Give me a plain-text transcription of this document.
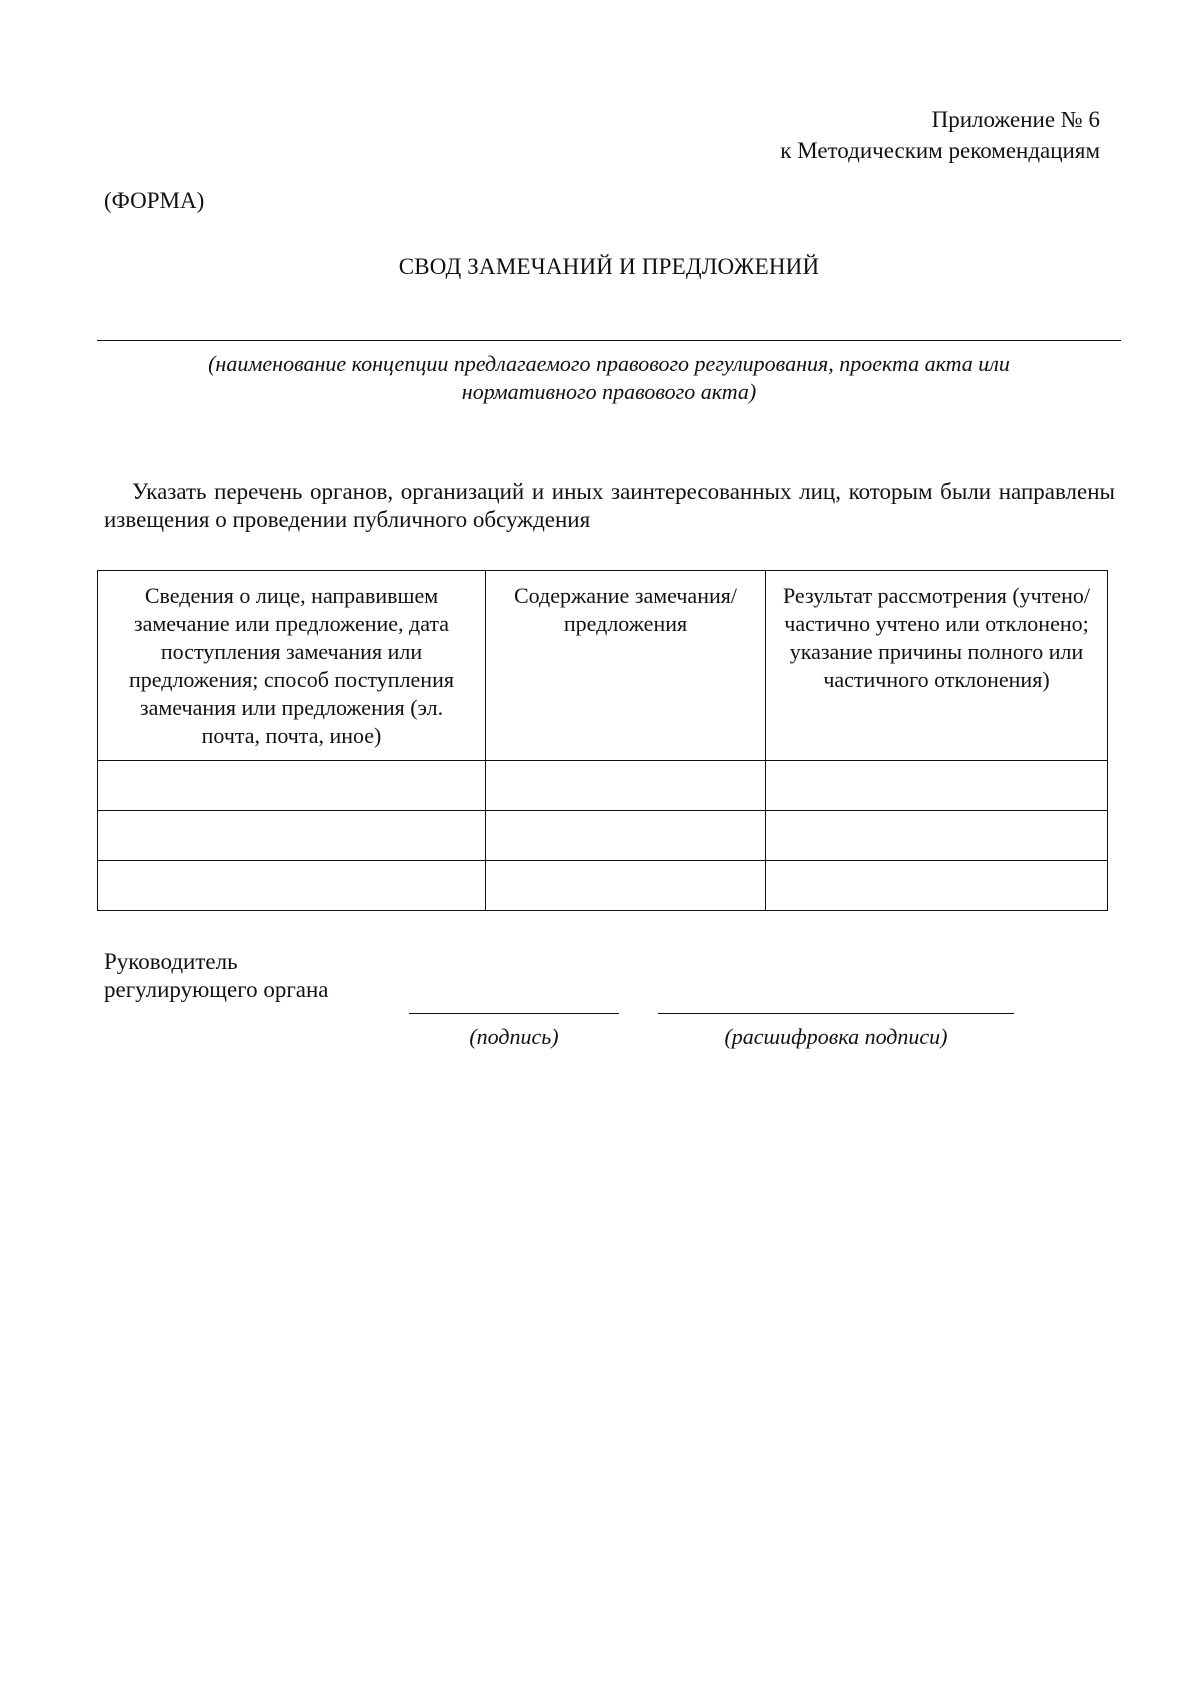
Приложение № 6
к Методическим рекомендациям
(ФОРМА)
СВОД ЗАМЕЧАНИЙ И ПРЕДЛОЖЕНИЙ
(наименование концепции предлагаемого правового регулирования, проекта акта или
нормативного правового акта)
Указать перечень органов, организаций и иных заинтересованных лиц, которым были направлены извещения о проведении публичного обсуждения
Сведения о лице, направившем замечание или предложение, дата поступления замечания или предложения; способ поступления замечания или предложения (эл. почта, почта, иное)	Содержание замечания/предложения	Результат рассмотрения (учтено/частично учтено или отклонено; указание причины полного или частичного отклонения)

Руководитель
регулирующего органа
(подпись)	(расшифровка подписи)
